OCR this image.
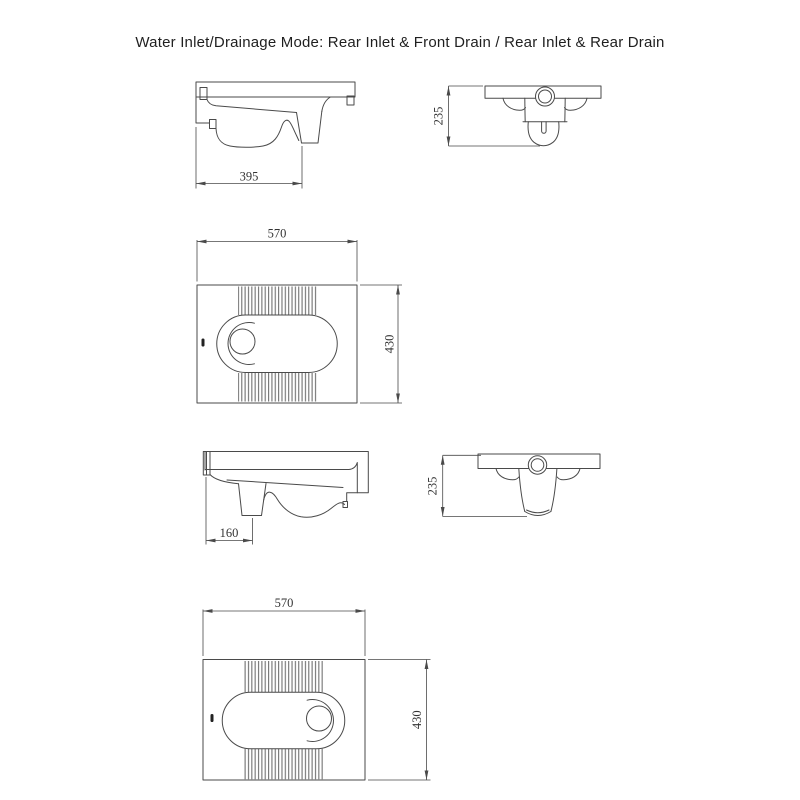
Water Inlet/Drainage Mode: Rear Inlet & Front Drain / Rear Inlet & Rear Drain
395
235
570
430
160
235
570
430
